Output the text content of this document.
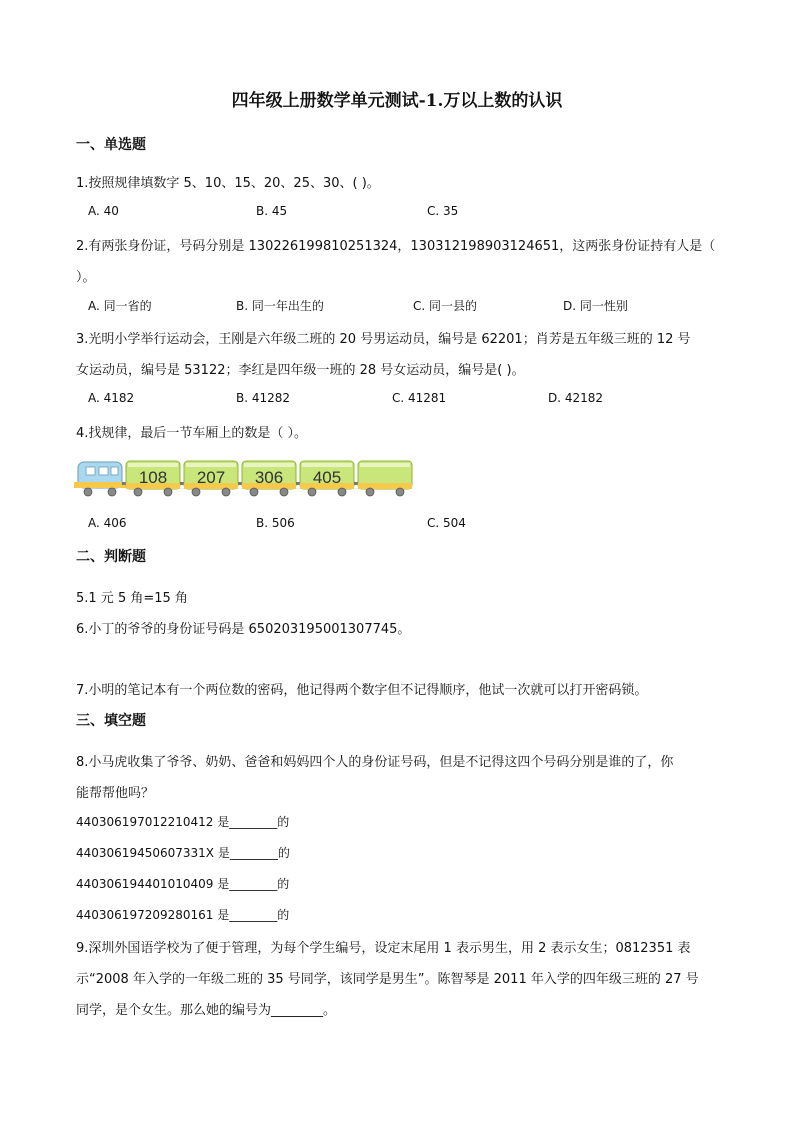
四年级上册数学单元测试-1.万以上数的认识
一、单选题
1.按照规律填数字 5、10、15、20、25、30、( )。
A. 40	B. 45	C. 35
2.有两张身份证，号码分别是 130226199810251324，130312198903124651，这两张身份证持有人是（
）。
A. 同一省的	B. 同一年出生的	C. 同一县的	D. 同一性别
3.光明小学举行运动会，王刚是六年级二班的 20 号男运动员，编号是 62201；肖芳是五年级三班的 12 号
女运动员，编号是 53122；李红是四年级一班的 28 号女运动员，编号是( )。
A. 4182	B. 41282	C. 41281	D. 42182
4.找规律，最后一节车厢上的数是（ ）。
108 207 306 405
A. 406	B. 506	C. 504
二、判断题
5.1 元 5 角=15 角
6.小丁的爷爷的身份证号码是 650203195001307745。
7.小明的笔记本有一个两位数的密码，他记得两个数字但不记得顺序，他试一次就可以打开密码锁。
三、填空题
8.小马虎收集了爷爷、奶奶、爸爸和妈妈四个人的身份证号码，但是不记得这四个号码分别是谁的了，你
能帮帮他吗？
440306197012210412 是________的
44030619450607331X 是________的
440306194401010409 是________的
440306197209280161 是________的
9.深圳外国语学校为了便于管理，为每个学生编号，设定末尾用 1 表示男生，用 2 表示女生；0812351 表
示“2008 年入学的一年级二班的 35 号同学，该同学是男生”。陈智琴是 2011 年入学的四年级三班的 27 号
同学，是个女生。那么她的编号为________。
